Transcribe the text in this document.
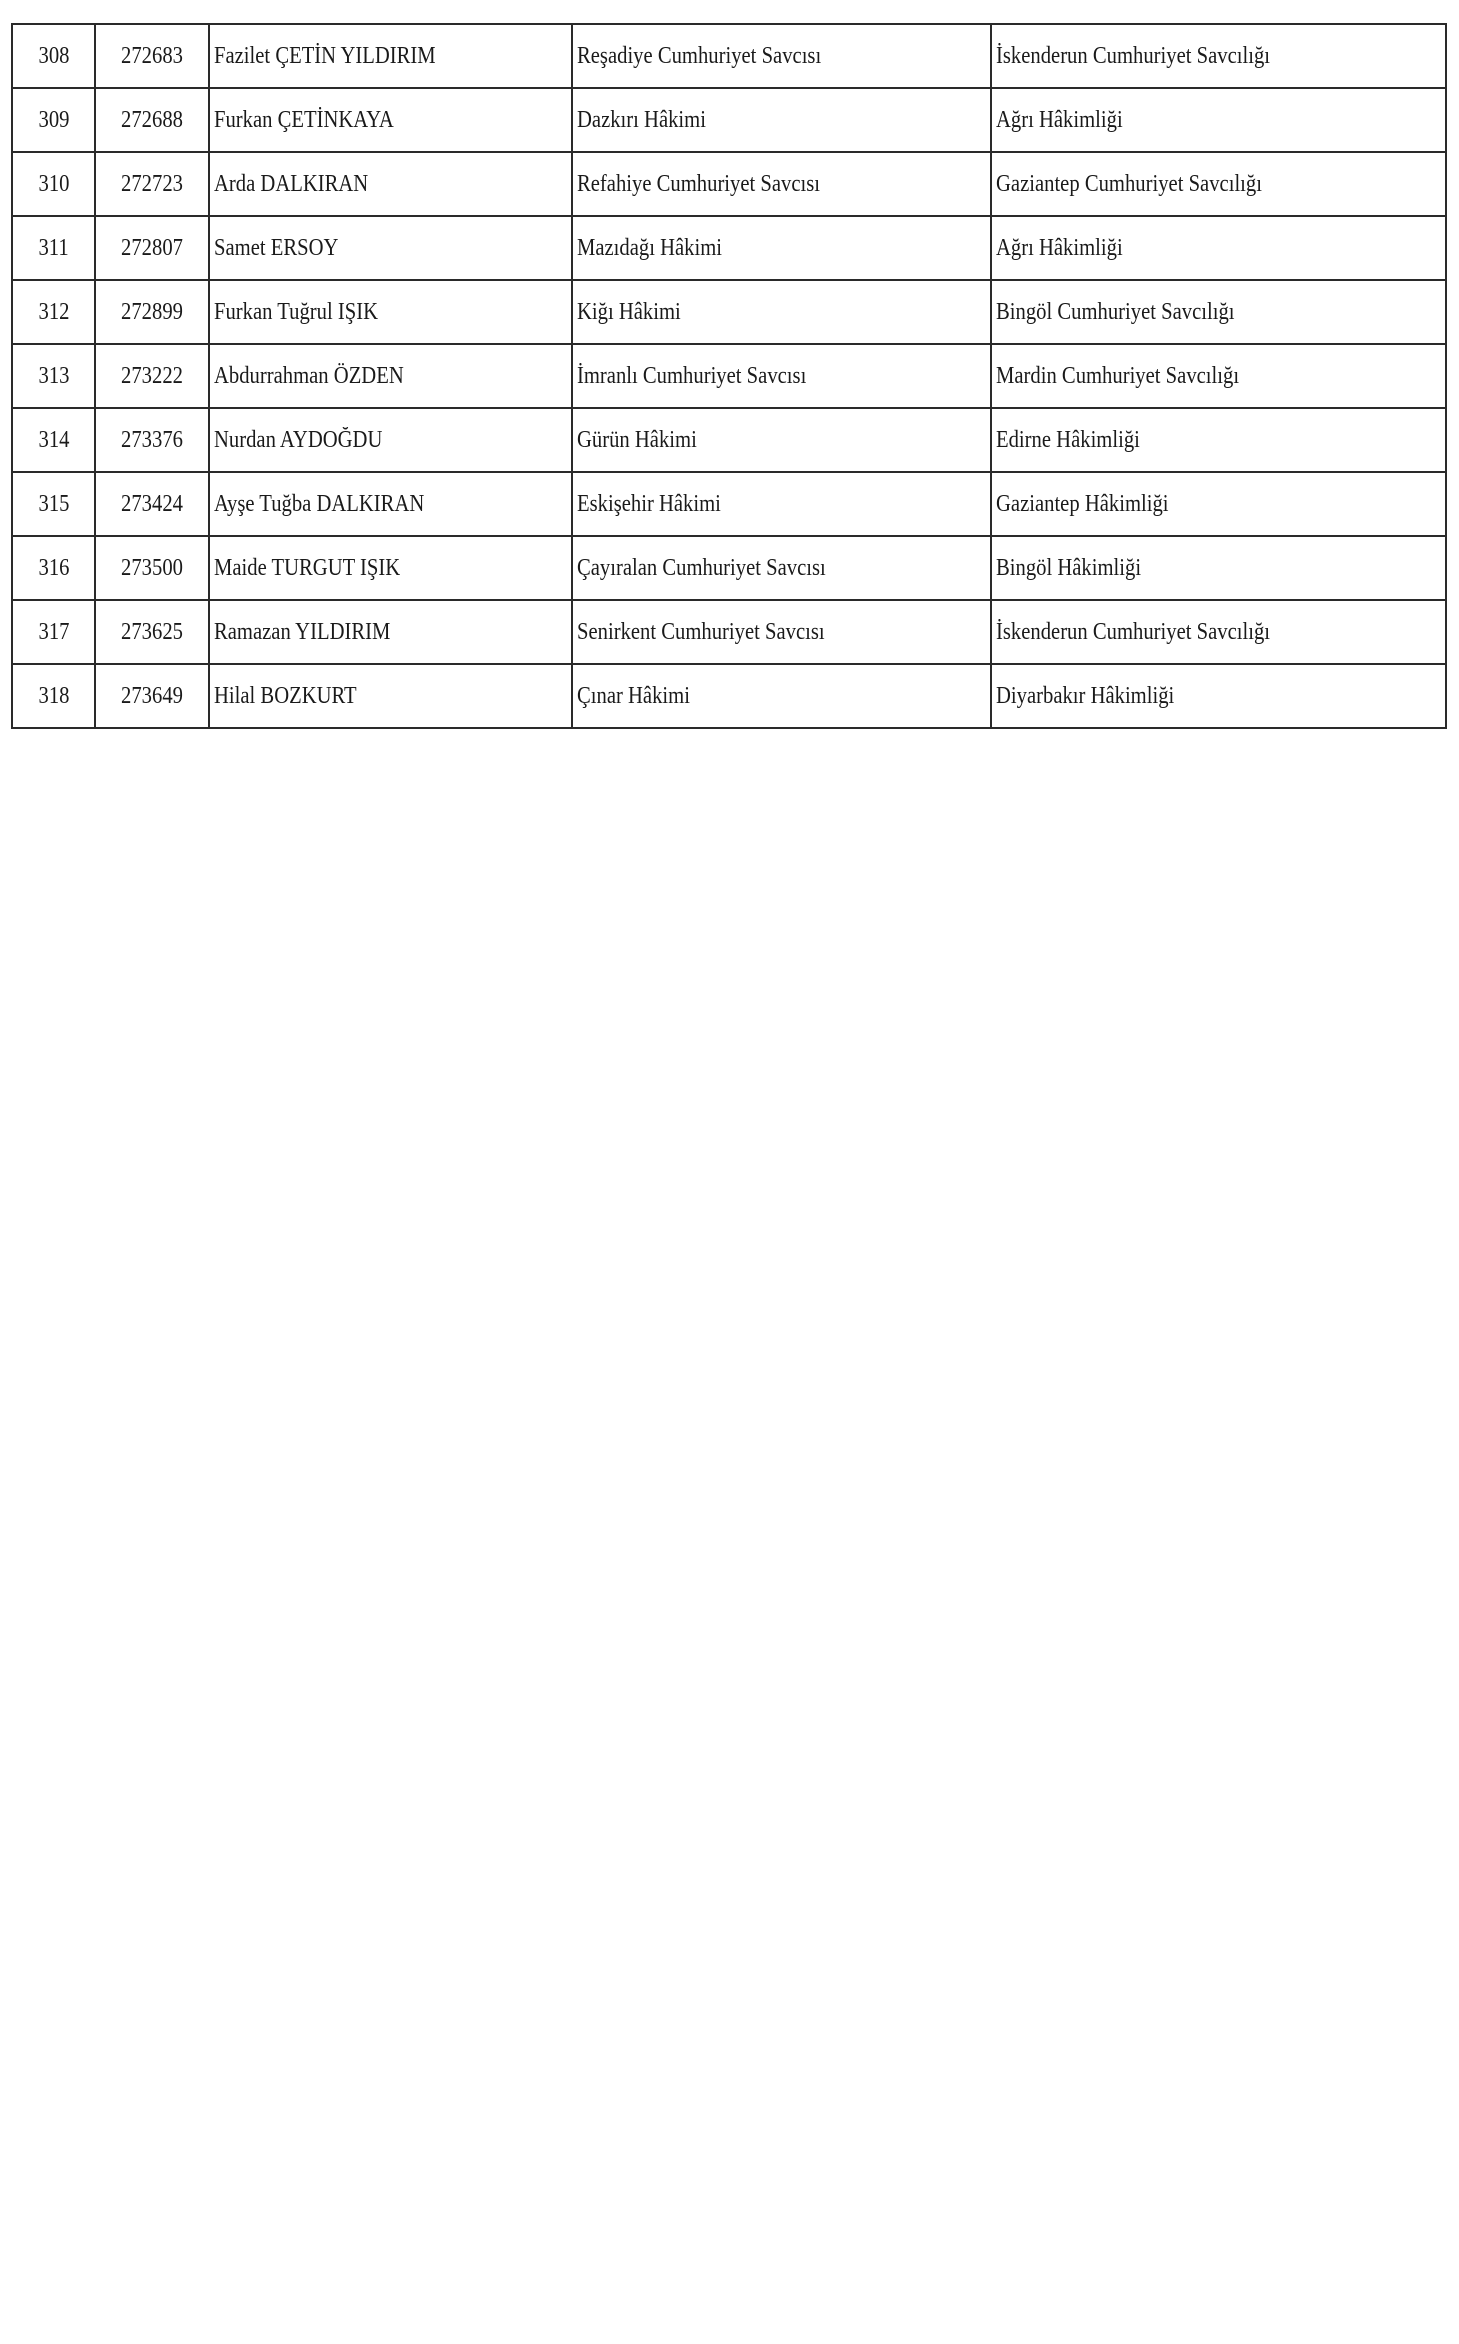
308	272683	Fazilet ÇETİN YILDIRIM	Reşadiye Cumhuriyet Savcısı	İskenderun Cumhuriyet Savcılığı
309	272688	Furkan ÇETİNKAYA	Dazkırı Hâkimi	Ağrı Hâkimliği
310	272723	Arda DALKIRAN	Refahiye Cumhuriyet Savcısı	Gaziantep Cumhuriyet Savcılığı
311	272807	Samet ERSOY	Mazıdağı Hâkimi	Ağrı Hâkimliği
312	272899	Furkan Tuğrul IŞIK	Kiğı Hâkimi	Bingöl Cumhuriyet Savcılığı
313	273222	Abdurrahman ÖZDEN	İmranlı Cumhuriyet Savcısı	Mardin Cumhuriyet Savcılığı
314	273376	Nurdan AYDOĞDU	Gürün Hâkimi	Edirne Hâkimliği
315	273424	Ayşe Tuğba DALKIRAN	Eskişehir Hâkimi	Gaziantep Hâkimliği
316	273500	Maide TURGUT IŞIK	Çayıralan Cumhuriyet Savcısı	Bingöl Hâkimliği
317	273625	Ramazan YILDIRIM	Senirkent Cumhuriyet Savcısı	İskenderun Cumhuriyet Savcılığı
318	273649	Hilal BOZKURT	Çınar Hâkimi	Diyarbakır Hâkimliği
